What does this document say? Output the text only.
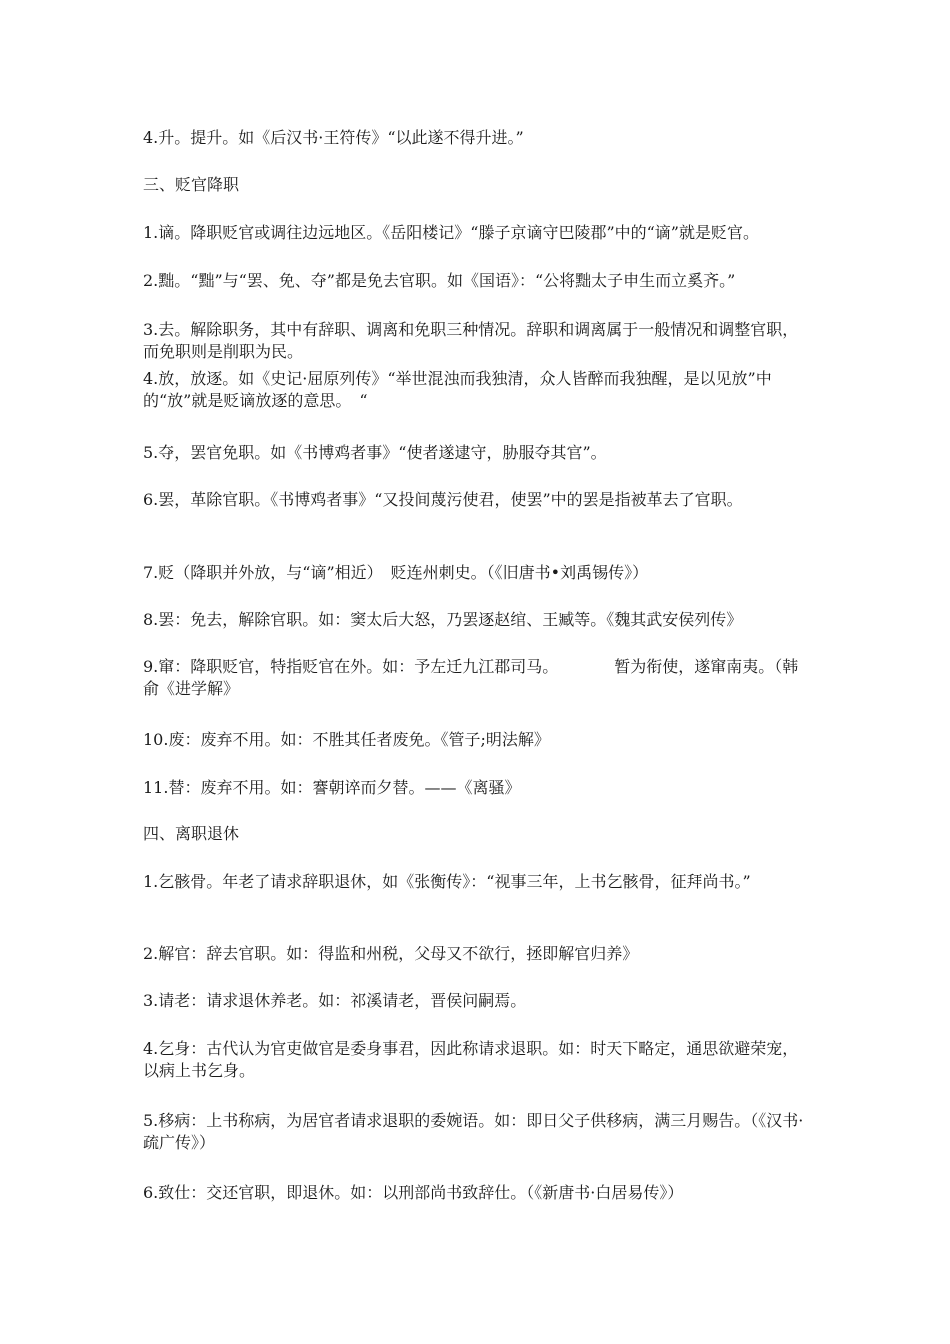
4.升。提升。如《后汉书·王符传》“以此遂不得升进。”
三、贬官降职
1.谪。降职贬官或调往边远地区。《岳阳楼记》“滕子京谪守巴陵郡”中的“谪”就是贬官。
2.黜。“黜”与“罢、免、夺”都是免去官职。如《国语》：“公将黜太子申生而立奚齐。”
3.去。解除职务，其中有辞职、调离和免职三种情况。辞职和调离属于一般情况和调整官职，而免职则是削职为民。
4.放，放逐。如《史记·屈原列传》“举世混浊而我独清，众人皆醉而我独醒，是以见放”中的“放”就是贬谪放逐的意思。　“
5.夺，罢官免职。如《书博鸡者事》“使者遂逮守，胁服夺其官”。
6.罢，革除官职。《书博鸡者事》“又投间蔑污使君，使罢”中的罢是指被革去了官职。
7.贬（降职并外放，与“谪”相近）　贬连州刺史。（《旧唐书•刘禹锡传》）
8.罢：免去，解除官职。如：窦太后大怒，乃罢逐赵绾、王臧等。《魏其武安侯列传》
9.窜：降职贬官，特指贬官在外。如：予左迁九江郡司马。　　　　暂为衔使，遂窜南夷。（韩俞《进学解》
10.废：废弃不用。如：不胜其任者废免。《管子;明法解》
11.替：废弃不用。如：謇朝谇而夕替。——《离骚》
四、离职退休
1.乞骸骨。年老了请求辞职退休，如《张衡传》：“视事三年，上书乞骸骨，征拜尚书。”
2.解官：辞去官职。如：得监和州税，父母又不欲行，拯即解官归养》
3.请老：请求退休养老。如：祁溪请老，晋侯问嗣焉。
4.乞身：古代认为官吏做官是委身事君，因此称请求退职。如：时天下略定，通思欲避荣宠，以病上书乞身。
5.移病：上书称病，为居官者请求退职的委婉语。如：即日父子供移病，满三月赐告。（《汉书·疏广传》）
6.致仕：交还官职，即退休。如：以刑部尚书致辞仕。（《新唐书·白居易传》）
